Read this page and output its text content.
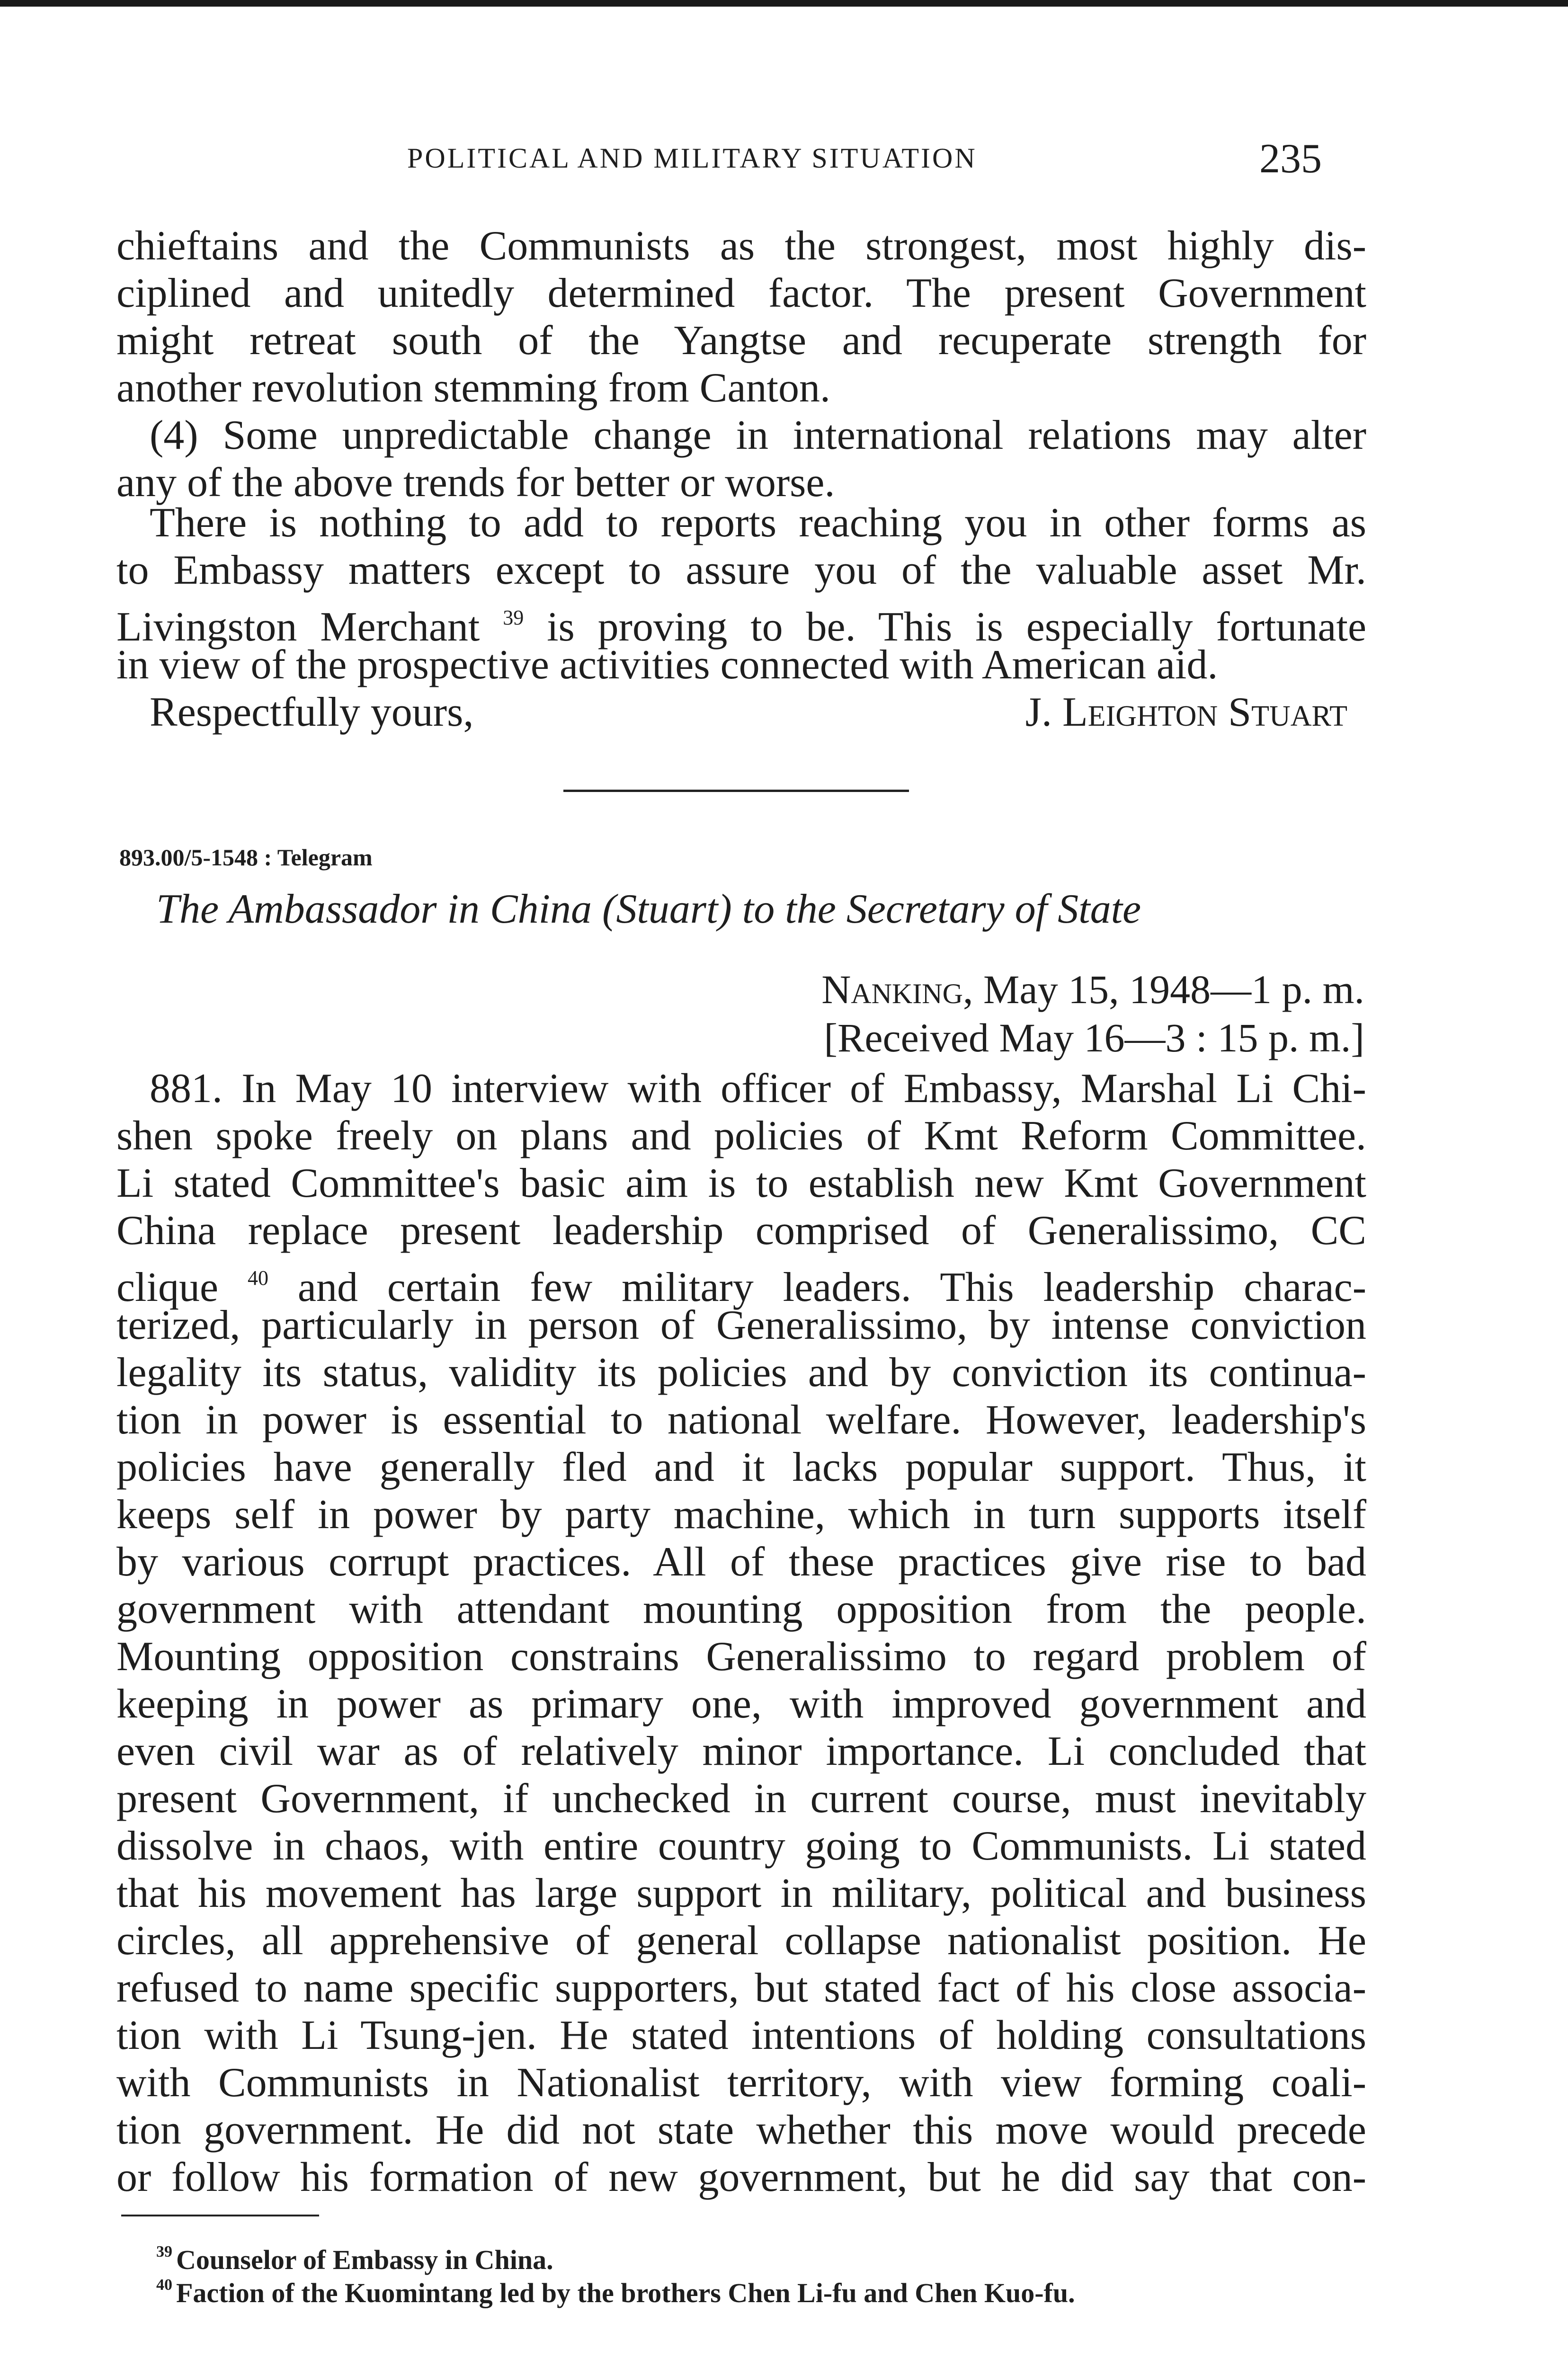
POLITICAL AND MILITARY SITUATION	235
chieftains and the Communists as the strongest, most highly dis-
ciplined and unitedly determined factor. The present Government
might retreat south of the Yangtse and recuperate strength for
another revolution stemming from Canton.
(4) Some unpredictable change in international relations may alter
any of the above trends for better or worse.
There is nothing to add to reports reaching you in other forms as
to Embassy matters except to assure you of the valuable asset Mr.
Livingston Merchant $^{39}$ is proving to be. This is especially fortunate
in view of the prospective activities connected with American aid.
Respectfully yours,	J. Leighton Stuart
893.00/5-1548 : Telegram
The Ambassador in China (Stuart) to the Secretary of State
Nanking, May 15, 1948—1 p. m.
[Received May 16—3 : 15 p. m.]
881. In May 10 interview with officer of Embassy, Marshal Li Chi-
shen spoke freely on plans and policies of Kmt Reform Committee.
Li stated Committee's basic aim is to establish new Kmt Government
China replace present leadership comprised of Generalissimo, CC
clique $^{40}$ and certain few military leaders. This leadership charac-
terized, particularly in person of Generalissimo, by intense conviction
legality its status, validity its policies and by conviction its continua-
tion in power is essential to national welfare. However, leadership's
policies have generally fled and it lacks popular support. Thus, it
keeps self in power by party machine, which in turn supports itself
by various corrupt practices. All of these practices give rise to bad
government with attendant mounting opposition from the people.
Mounting opposition constrains Generalissimo to regard problem of
keeping in power as primary one, with improved government and
even civil war as of relatively minor importance. Li concluded that
present Government, if unchecked in current course, must inevitably
dissolve in chaos, with entire country going to Communists. Li stated
that his movement has large support in military, political and business
circles, all apprehensive of general collapse nationalist position. He
refused to name specific supporters, but stated fact of his close associa-
tion with Li Tsung-jen. He stated intentions of holding consultations
with Communists in Nationalist territory, with view forming coali-
tion government. He did not state whether this move would precede
or follow his formation of new government, but he did say that con-
$^{39}$ Counselor of Embassy in China.
$^{40}$ Faction of the Kuomintang led by the brothers Chen Li-fu and Chen Kuo-fu.
